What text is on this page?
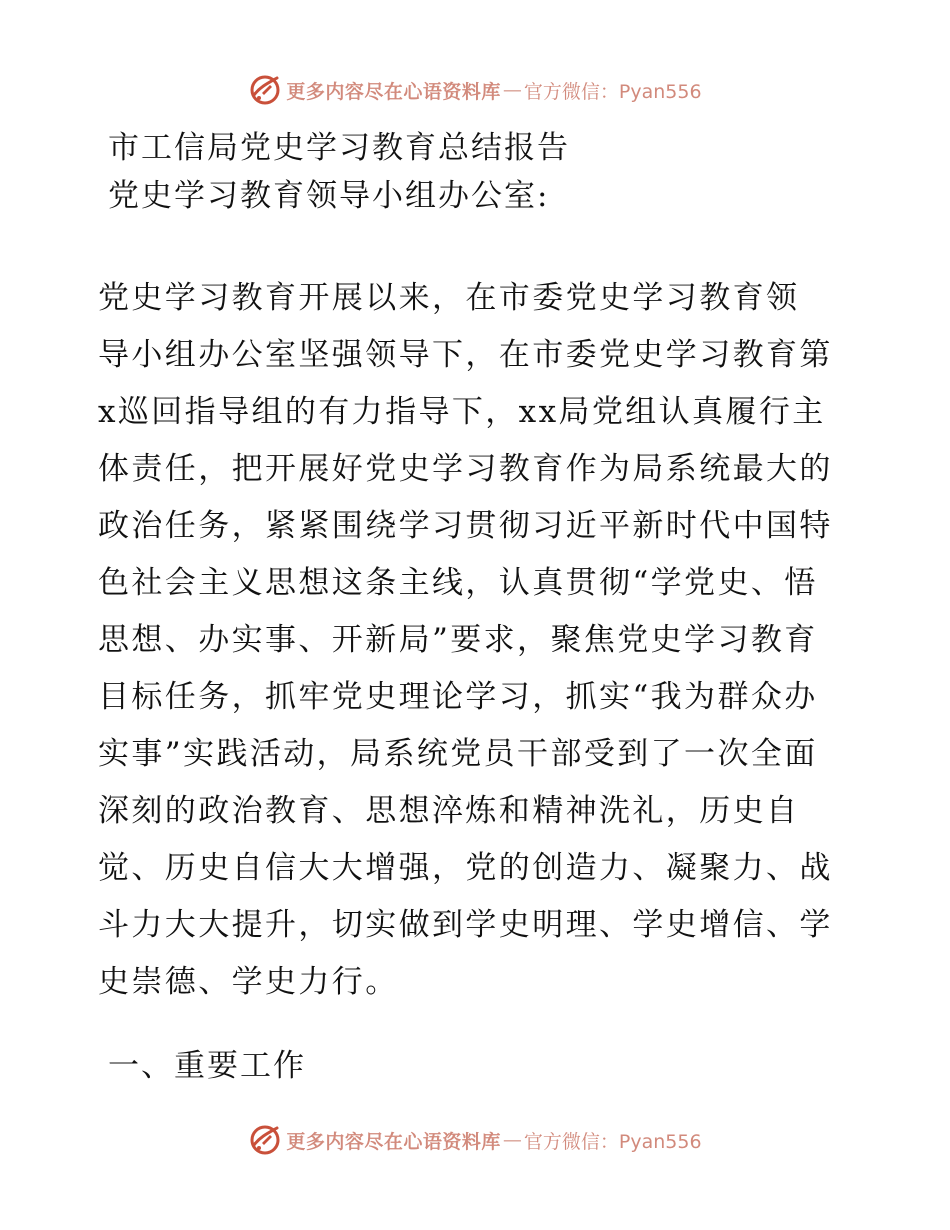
更多内容尽在心语资料库 — 官方微信：Pyan556
市工信局党史学习教育总结报告
党史学习教育领导小组办公室:
党史学习教育开展以来，在市委党史学习教育领
导小组办公室坚强领导下，在市委党史学习教育第
x巡回指导组的有力指导下，xx局党组认真履行主
体责任，把开展好党史学习教育作为局系统最大的
政治任务，紧紧围绕学习贯彻习近平新时代中国特
色社会主义思想这条主线，认真贯彻“学党史、悟
思想、办实事、开新局”要求，聚焦党史学习教育
目标任务，抓牢党史理论学习，抓实“我为群众办
实事”实践活动，局系统党员干部受到了一次全面
深刻的政治教育、思想淬炼和精神洗礼，历史自
觉、历史自信大大增强，党的创造力、凝聚力、战
斗力大大提升，切实做到学史明理、学史增信、学
史崇德、学史力行。
一、重要工作
更多内容尽在心语资料库 — 官方微信：Pyan556
